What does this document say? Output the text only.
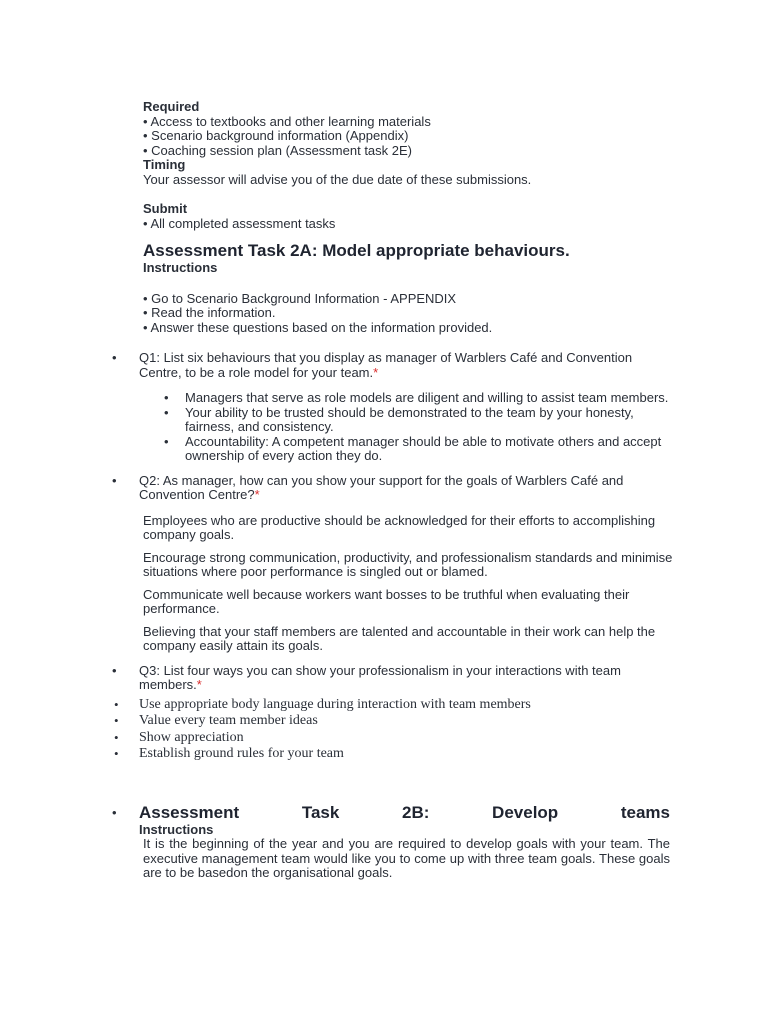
Required

• Access to textbooks and other learning materials

• Scenario background information (Appendix)

• Coaching session plan (Assessment task 2E)

Timing

Your assessor will advise you of the due date of these submissions.

Submit

• All completed assessment tasks

Assessment Task 2A: Model appropriate behaviours.

Instructions

• Go to Scenario Background Information - APPENDIX

• Read the information.

• Answer these questions based on the information provided.

• Q1: List six behaviours that you display as manager of Warblers Café and Convention Centre, to be a role model for your team.*
• Managers that serve as role models are diligent and willing to assist team members.
• Your ability to be trusted should be demonstrated to the team by your honesty, fairness, and consistency.
• Accountability: A competent manager should be able to motivate others and accept ownership of every action they do.
• Q2: As manager, how can you show your support for the goals of Warblers Café and Convention Centre?*

Employees who are productive should be acknowledged for their efforts to accomplishing company goals.

Encourage strong communication, productivity, and professionalism standards and minimise situations where poor performance is singled out or blamed.

Communicate well because workers want bosses to be truthful when evaluating their performance.

Believing that your staff members are talented and accountable in their work can help the company easily attain its goals.

• Q3: List four ways you can show your professionalism in your interactions with team members.*
• Use appropriate body language during interaction with team members
• Value every team member ideas
• Show appreciation
• Establish ground rules for your team
• Assessment	Task	2B:	Develop	teams

Instructions

It is the beginning of the year and you are required to develop goals with your team. The executive management team would like you to come up with three team goals. These goals are to be basedon the organisational goals.
